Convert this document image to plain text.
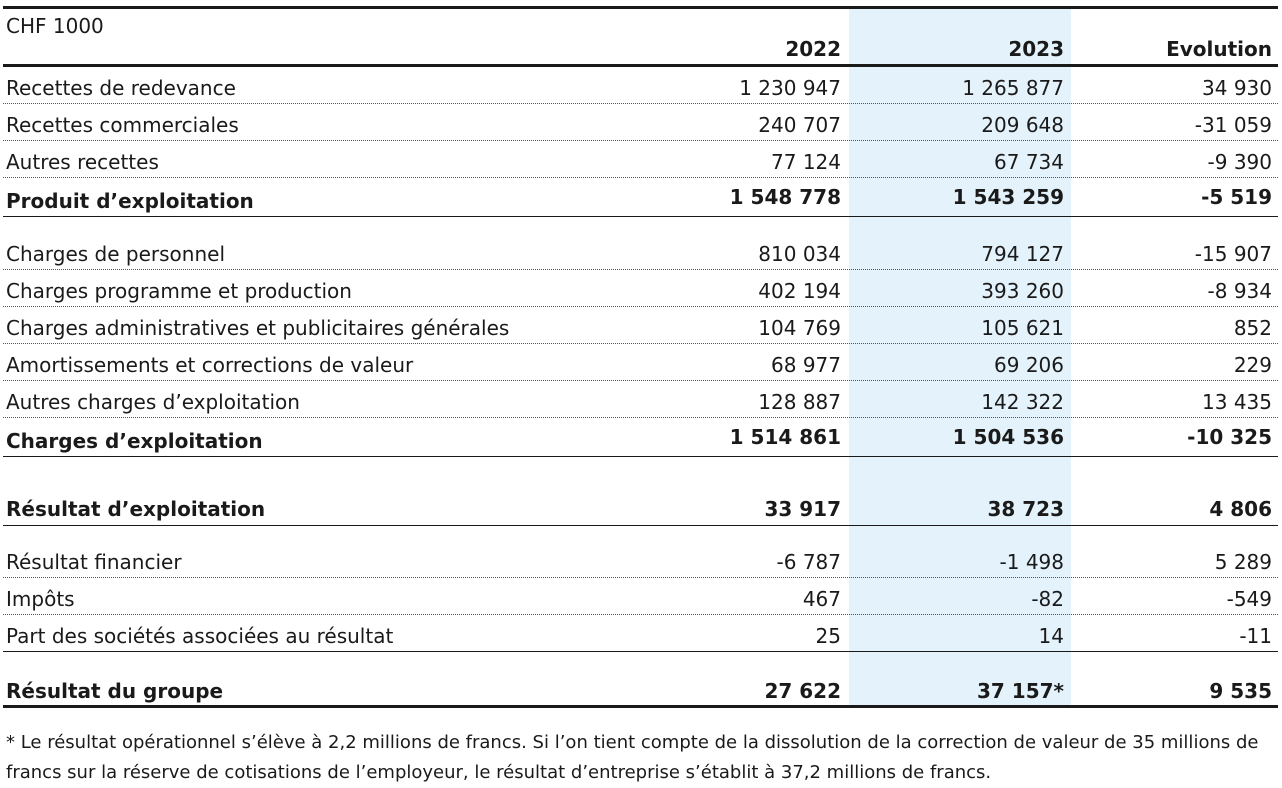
CHF 1000
2022	2023	Evolution
Recettes de redevance	1 230 947	1 265 877	34 930
Recettes commerciales	240 707	209 648	-31 059
Autres recettes	77 124	67 734	-9 390
Produit d’exploitation	1 548 778	1 543 259	-5 519
Charges de personnel	810 034	794 127	-15 907
Charges programme et production	402 194	393 260	-8 934
Charges administratives et publicitaires générales	104 769	105 621	852
Amortissements et corrections de valeur	68 977	69 206	229
Autres charges d’exploitation	128 887	142 322	13 435
Charges d’exploitation	1 514 861	1 504 536	-10 325
Résultat d’exploitation	33 917	38 723	4 806
Résultat financier	-6 787	-1 498	5 289
Impôts	467	-82	-549
Part des sociétés associées au résultat	25	14	-11
Résultat du groupe	27 622	37 157*	9 535
* Le résultat opérationnel s’élève à 2,2 millions de francs. Si l’on tient compte de la dissolution de la correction de valeur de 35 millions de francs sur la réserve de cotisations de l’employeur, le résultat d’entreprise s’établit à 37,2 millions de francs.
